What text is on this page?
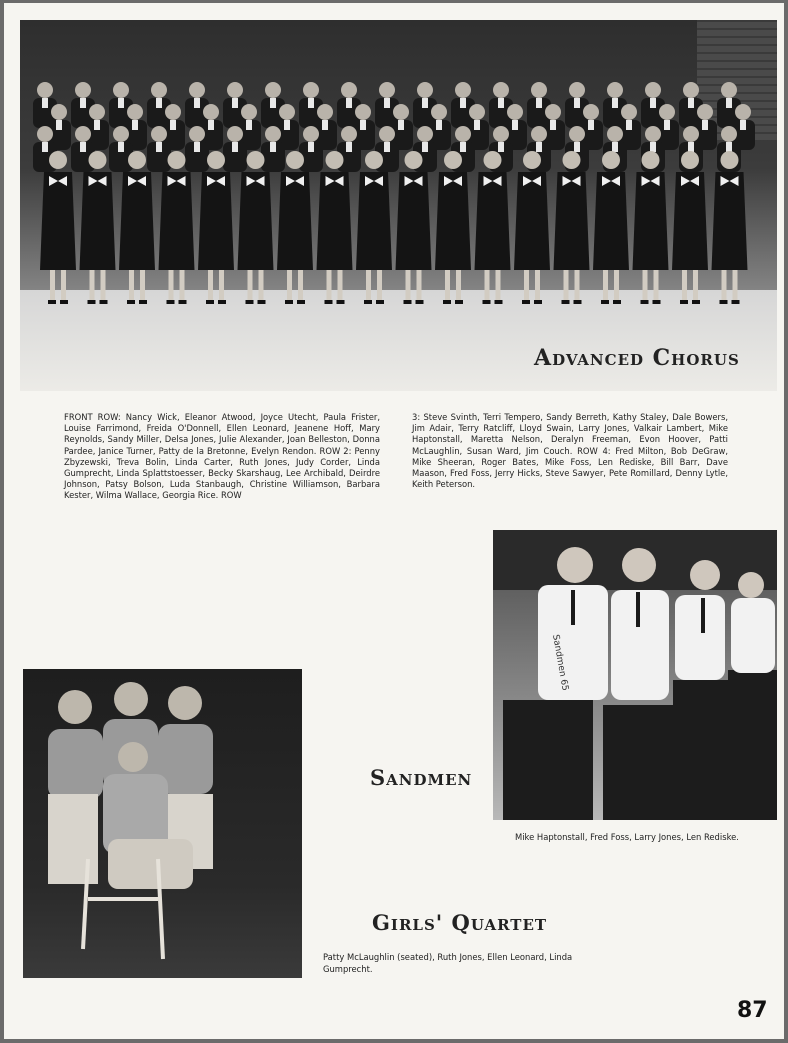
Advanced Chorus
FRONT ROW: Nancy Wick, Eleanor Atwood, Joyce Utecht, Paula Frister, Louise Farrimond, Freida O'Donnell, Ellen Leonard, Jeanene Hoff, Mary Reynolds, Sandy Miller, Delsa Jones, Julie Alexander, Joan Belleston, Donna Pardee, Janice Turner, Patty de la Bretonne, Evelyn Rendon. ROW 2: Penny Zbyzewski, Treva Bolin, Linda Carter, Ruth Jones, Judy Corder, Linda Gumprecht, Linda Splattstoesser, Becky Skarshaug, Lee Archibald, Deirdre Johnson, Patsy Bolson, Luda Stanbaugh, Christine Williamson, Barbara Kester, Wilma Wallace, Georgia Rice. ROW
3: Steve Svinth, Terri Tempero, Sandy Berreth, Kathy Staley, Dale Bowers, Jim Adair, Terry Ratcliff, Lloyd Swain, Larry Jones, Valkair Lambert, Mike Haptonstall, Maretta Nelson, Deralyn Freeman, Evon Hoover, Patti McLaughlin, Susan Ward, Jim Couch. ROW 4: Fred Milton, Bob DeGraw, Mike Sheeran, Roger Bates, Mike Foss, Len Rediske, Bill Barr, Dave Maason, Fred Foss, Jerry Hicks, Steve Sawyer, Pete Romillard, Denny Lytle, Keith Peterson.
Sandmen 65
Sandmen
Mike Haptonstall, Fred Foss, Larry Jones, Len Rediske.
Girls' Quartet
Patty McLaughlin (seated), Ruth Jones, Ellen Leonard, Linda Gumprecht.
87
